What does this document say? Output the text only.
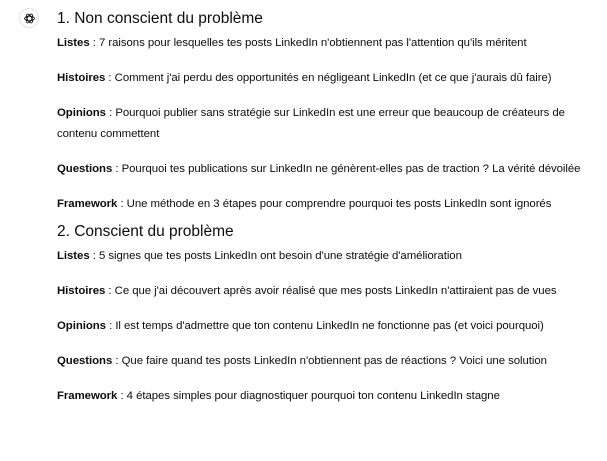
1. Non conscient du problème

Listes : 7 raisons pour lesquelles tes posts LinkedIn n'obtiennent pas l'attention qu'ils méritent

Histoires : Comment j'ai perdu des opportunités en négligeant LinkedIn (et ce que j'aurais dû faire)

Opinions : Pourquoi publier sans stratégie sur LinkedIn est une erreur que beaucoup de créateurs de contenu commettent

Questions : Pourquoi tes publications sur LinkedIn ne génèrent-elles pas de traction ? La vérité dévoilée

Framework : Une méthode en 3 étapes pour comprendre pourquoi tes posts LinkedIn sont ignorés

2. Conscient du problème

Listes : 5 signes que tes posts LinkedIn ont besoin d'une stratégie d'amélioration

Histoires : Ce que j'ai découvert après avoir réalisé que mes posts LinkedIn n'attiraient pas de vues

Opinions : Il est temps d'admettre que ton contenu LinkedIn ne fonctionne pas (et voici pourquoi)

Questions : Que faire quand tes posts LinkedIn n'obtiennent pas de réactions ? Voici une solution

Framework : 4 étapes simples pour diagnostiquer pourquoi ton contenu LinkedIn stagne
